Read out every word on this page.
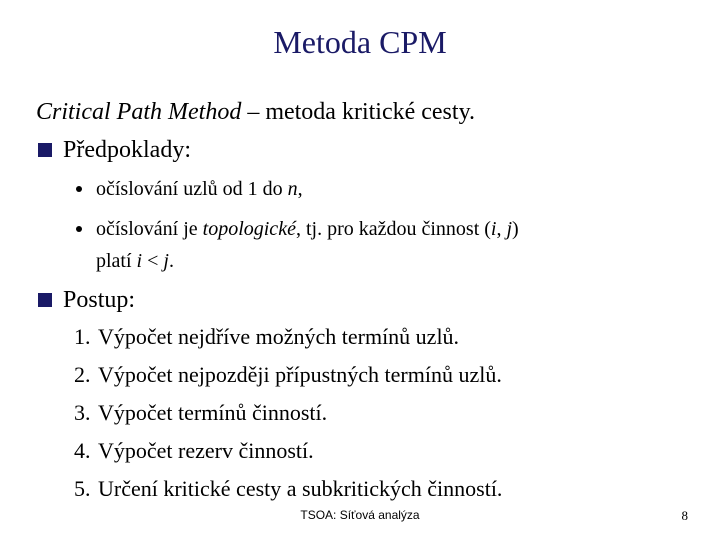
Metoda CPM
Critical Path Method – metoda kritické cesty.
Předpoklady:
očíslování uzlů od 1 do n,
očíslování je topologické, tj. pro každou činnost (i, j)
platí i < j.
Postup:
1. Výpočet nejdříve možných termínů uzlů.
2. Výpočet nejpozději přípustných termínů uzlů.
3. Výpočet termínů činností.
4. Výpočet rezerv činností.
5. Určení kritické cesty a subkritických činností.
TSOA: Síťová analýza	8
